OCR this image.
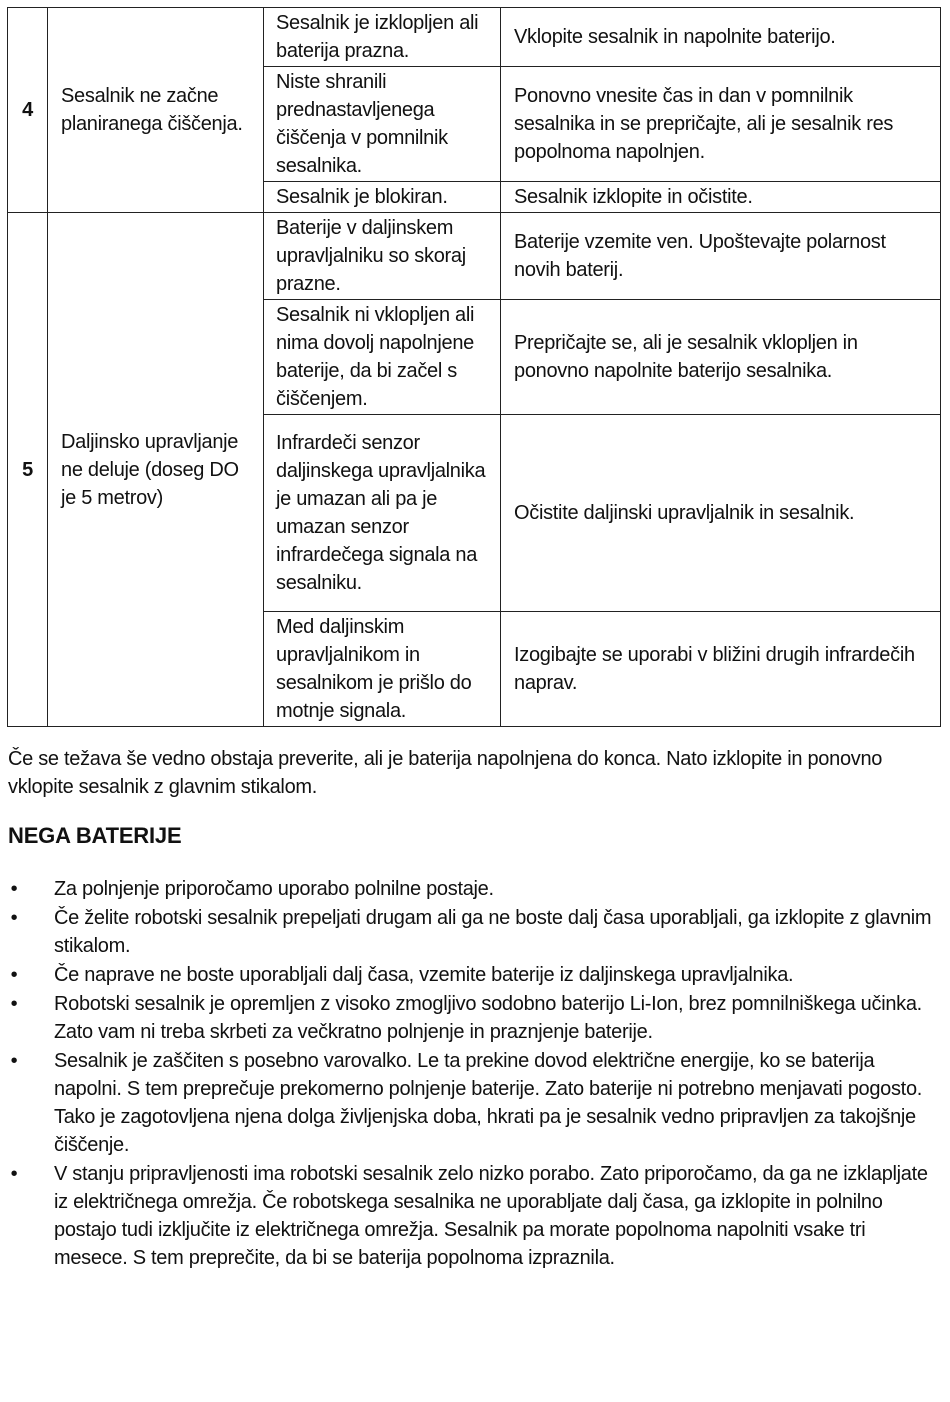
4	Sesalnik ne začne planiranega čiščenja.	Sesalnik je izklopljen ali baterija prazna.	Vklopite sesalnik in napolnite baterijo.
		Niste shranili prednastavljenega čiščenja v pomnilnik sesalnika.	Ponovno vnesite čas in dan v pomnilnik sesalnika in se prepričajte, ali je sesalnik res popolnoma napolnjen.
		Sesalnik je blokiran.	Sesalnik izklopite in očistite.
5	Daljinsko upravljanje ne deluje (doseg DO je 5 metrov)	Baterije v daljinskem upravljalniku so skoraj prazne.	Baterije vzemite ven. Upoštevajte polarnost novih baterij.
		Sesalnik ni vklopljen ali nima dovolj napolnjene baterije, da bi začel s čiščenjem.	Prepričajte se, ali je sesalnik vklopljen in ponovno napolnite baterijo sesalnika.
		Infrardeči senzor daljinskega upravljalnika je umazan ali pa je umazan senzor infrardečega signala na sesalniku.	Očistite daljinski upravljalnik in sesalnik.
		Med daljinskim upravljalnikom in sesalnikom je prišlo do motnje signala.	Izogibajte se uporabi v bližini drugih infrardečih naprav.

Če se težava še vedno obstaja preverite, ali je baterija napolnjena do konca. Nato izklopite in ponovno vklopite sesalnik z glavnim stikalom.

NEGA BATERIJE
• Za polnjenje priporočamo uporabo polnilne postaje.
• Če želite robotski sesalnik prepeljati drugam ali ga ne boste dalj časa uporabljali, ga izklopite z glavnim stikalom.
• Če naprave ne boste uporabljali dalj časa, vzemite baterije iz daljinskega upravljalnika.
• Robotski sesalnik je opremljen z visoko zmogljivo sodobno baterijo Li-Ion, brez pomnilniškega učinka. Zato vam ni treba skrbeti za večkratno polnjenje in praznjenje baterije.
• Sesalnik je zaščiten s posebno varovalko. Le ta prekine dovod električne energije, ko se baterija napolni. S tem preprečuje prekomerno polnjenje baterije. Zato baterije ni potrebno menjavati pogosto. Tako je zagotovljena njena dolga življenjska doba, hkrati pa je sesalnik vedno pripravljen za takojšnje čiščenje.
• V stanju pripravljenosti ima robotski sesalnik zelo nizko porabo. Zato priporočamo, da ga ne izklapljate iz električnega omrežja. Če robotskega sesalnika ne uporabljate dalj časa, ga izklopite in polnilno postajo tudi izključite iz električnega omrežja. Sesalnik pa morate popolnoma napolniti vsake tri mesece. S tem preprečite, da bi se baterija popolnoma izpraznila.
